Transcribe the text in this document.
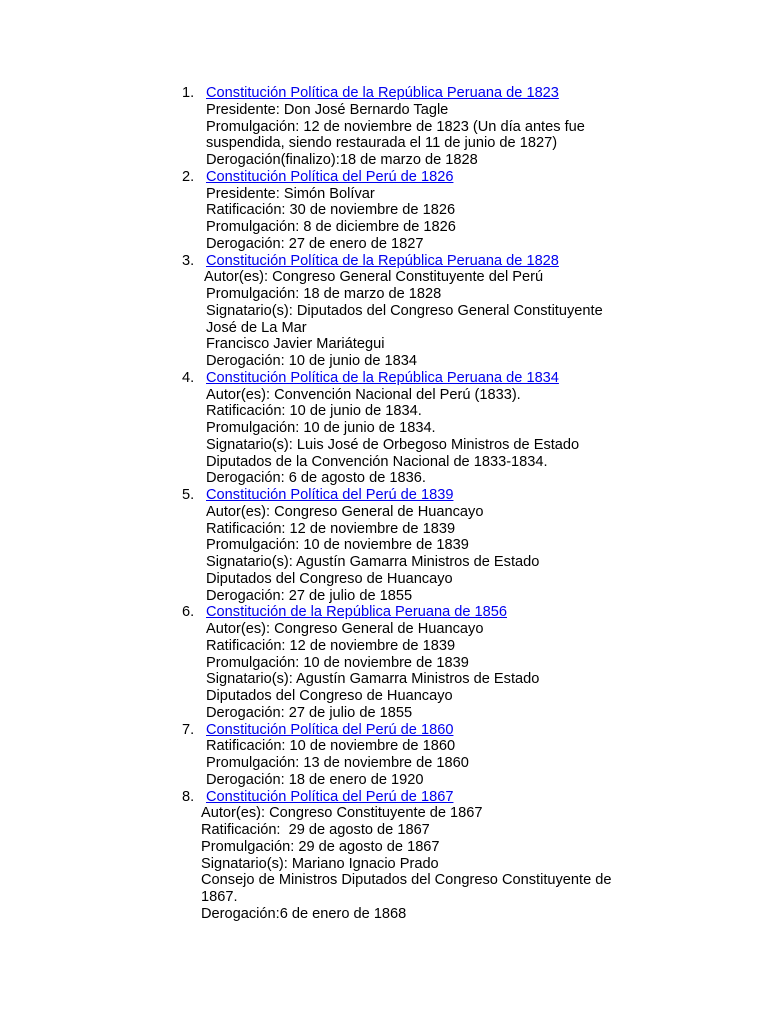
1. Constitución Política de la República Peruana de 1823
Presidente: Don José Bernardo Tagle
Promulgación: 12 de noviembre de 1823 (Un día antes fue
suspendida, siendo restaurada el 11 de junio de 1827)
Derogación(finalizo):18 de marzo de 1828
2. Constitución Política del Perú de 1826
Presidente: Simón Bolívar
Ratificación: 30 de noviembre de 1826
Promulgación: 8 de diciembre de 1826
Derogación: 27 de enero de 1827
3. Constitución Política de la República Peruana de 1828
Autor(es): Congreso General Constituyente del Perú
Promulgación: 18 de marzo de 1828
Signatario(s): Diputados del Congreso General Constituyente
José de La Mar
Francisco Javier Mariátegui
Derogación: 10 de junio de 1834
4. Constitución Política de la República Peruana de 1834
Autor(es): Convención Nacional del Perú (1833).
Ratificación: 10 de junio de 1834.
Promulgación: 10 de junio de 1834.
Signatario(s): Luis José de Orbegoso Ministros de Estado
Diputados de la Convención Nacional de 1833-1834.
Derogación: 6 de agosto de 1836.
5. Constitución Política del Perú de 1839
Autor(es): Congreso General de Huancayo
Ratificación: 12 de noviembre de 1839
Promulgación: 10 de noviembre de 1839
Signatario(s): Agustín Gamarra Ministros de Estado
Diputados del Congreso de Huancayo
Derogación: 27 de julio de 1855
6. Constitución de la República Peruana de 1856
Autor(es): Congreso General de Huancayo
Ratificación: 12 de noviembre de 1839
Promulgación: 10 de noviembre de 1839
Signatario(s): Agustín Gamarra Ministros de Estado
Diputados del Congreso de Huancayo
Derogación: 27 de julio de 1855
7. Constitución Política del Perú de 1860
Ratificación: 10 de noviembre de 1860
Promulgación: 13 de noviembre de 1860
Derogación: 18 de enero de 1920
8. Constitución Política del Perú de 1867
Autor(es): Congreso Constituyente de 1867
Ratificación:  29 de agosto de 1867
Promulgación: 29 de agosto de 1867
Signatario(s): Mariano Ignacio Prado
Consejo de Ministros Diputados del Congreso Constituyente de
1867.
Derogación:6 de enero de 1868
